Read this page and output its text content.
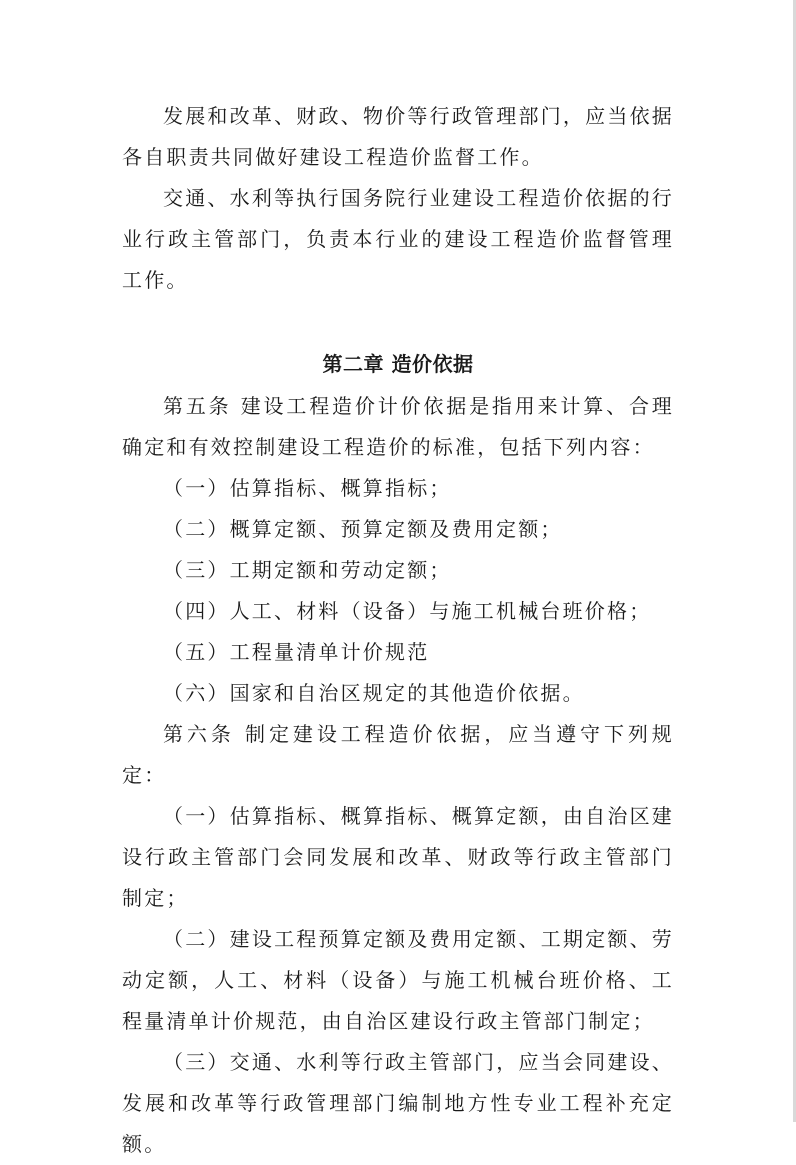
发展和改革、财政、物价等行政管理部门，应当依据各自职责共同做好建设工程造价监督工作。

交通、水利等执行国务院行业建设工程造价依据的行业行政主管部门，负责本行业的建设工程造价监督管理工作。

第二章 造价依据

第五条 建设工程造价计价依据是指用来计算、合理确定和有效控制建设工程造价的标准，包括下列内容：

（一）估算指标、概算指标；

（二）概算定额、预算定额及费用定额；

（三）工期定额和劳动定额；

（四）人工、材料（设备）与施工机械台班价格；

（五）工程量清单计价规范

（六）国家和自治区规定的其他造价依据。

第六条 制定建设工程造价依据，应当遵守下列规定：

（一）估算指标、概算指标、概算定额，由自治区建设行政主管部门会同发展和改革、财政等行政主管部门制定；

（二）建设工程预算定额及费用定额、工期定额、劳动定额，人工、材料（设备）与施工机械台班价格、工程量清单计价规范，由自治区建设行政主管部门制定；

（三）交通、水利等行政主管部门，应当会同建设、发展和改革等行政管理部门编制地方性专业工程补充定额。
